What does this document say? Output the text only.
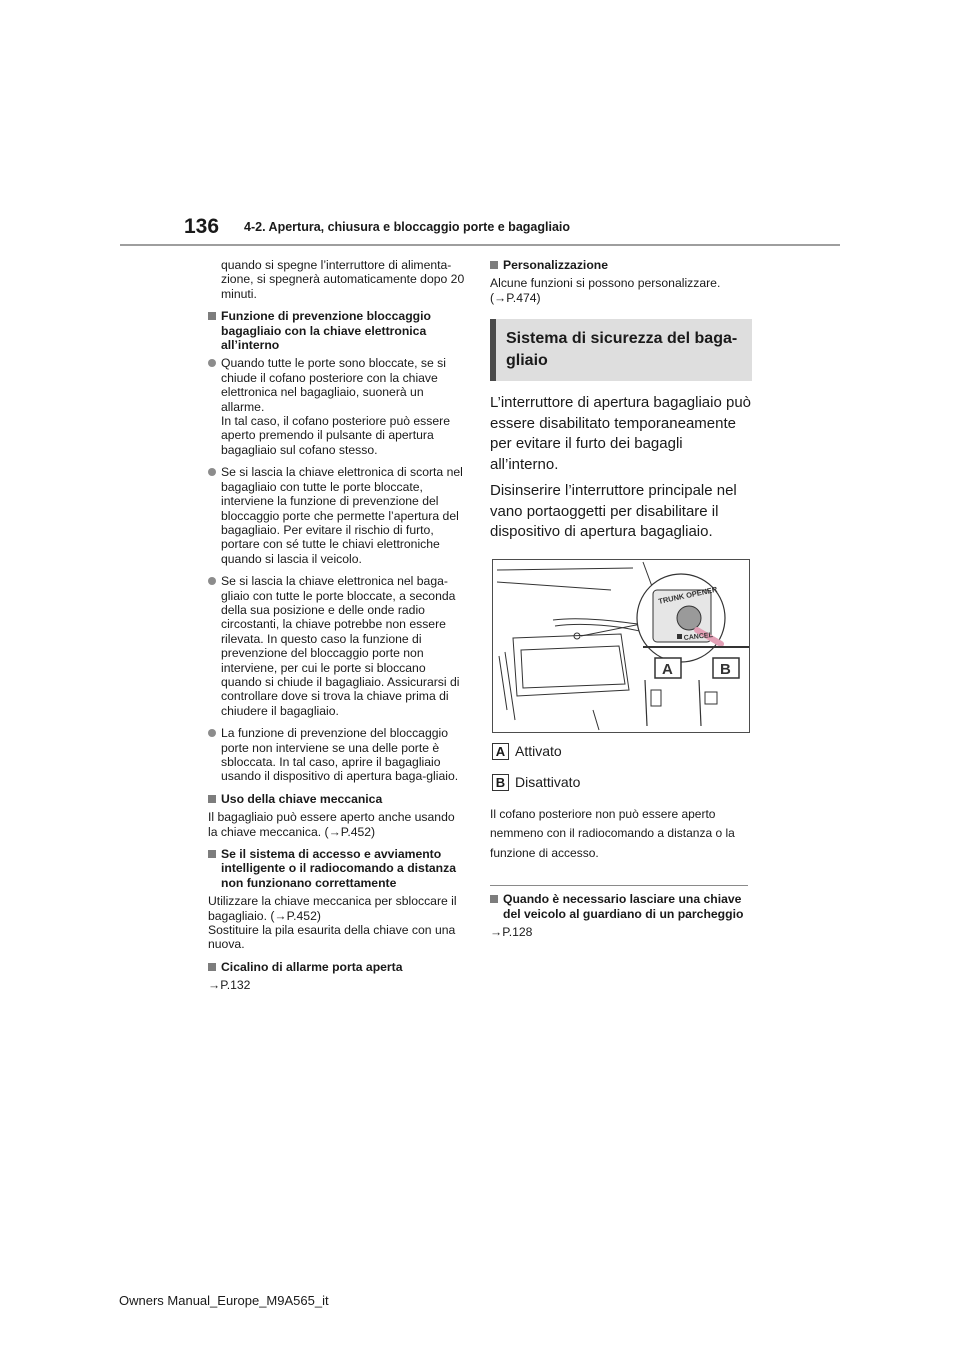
136 4-2. Apertura, chiusura e bloccaggio porte e bagagliaio

quando si spegne l’interruttore di alimenta-zione, si spegnerà automaticamente dopo 20 minuti.

Funzione di prevenzione bloccaggio bagagliaio con la chiave elettronica all’interno
Quando tutte le porte sono bloccate, se si chiude il cofano posteriore con la chiave elettronica nel bagagliaio, suonerà un allarme.
In tal caso, il cofano posteriore può essere aperto premendo il pulsante di apertura bagagliaio sul cofano stesso.
Se si lascia la chiave elettronica di scorta nel bagagliaio con tutte le porte bloccate, interviene la funzione di prevenzione del bloccaggio porte che permette l’apertura del bagagliaio. Per evitare il rischio di furto, portare con sé tutte le chiavi elettroniche quando si lascia il veicolo.
Se si lascia la chiave elettronica nel baga-gliaio con tutte le porte bloccate, a seconda della sua posizione e delle onde radio circostanti, la chiave potrebbe non essere rilevata. In questo caso la funzione di prevenzione del bloccaggio porte non interviene, per cui le porte si bloccano quando si chiude il bagagliaio. Assicurarsi di controllare dove si trova la chiave prima di chiudere il bagagliaio.
La funzione di prevenzione del bloccaggio porte non interviene se una delle porte è sbloccata. In tal caso, aprire il bagagliaio usando il dispositivo di apertura baga-gliaio.
Uso della chiave meccanica

Il bagagliaio può essere aperto anche usando la chiave meccanica. (→P.452)

Se il sistema di accesso e avviamento intelligente o il radiocomando a distanza non funzionano correttamente

Utilizzare la chiave meccanica per sbloccare il bagagliaio. (→P.452)
Sostituire la pila esaurita della chiave con una nuova.

Cicalino di allarme porta aperta

→P.132

Personalizzazione

Alcune funzioni si possono personalizzare. (→P.474)

Sistema di sicurezza del baga-gliaio

L’interruttore di apertura bagagliaio può essere disabilitato temporaneamente per evitare il furto dei bagagli all’interno.

Disinserire l’interruttore principale nel vano portaoggetti per disabilitare il dispositivo di apertura bagagliaio.

TRUNK OPENER
CANCEL
A	B
A Attivato
B Disattivato

Il cofano posteriore non può essere aperto nemmeno con il radiocomando a distanza o la funzione di accesso.

Quando è necessario lasciare una chiave del veicolo al guardiano di un parcheggio

→P.128

Owners Manual_Europe_M9A565_it
